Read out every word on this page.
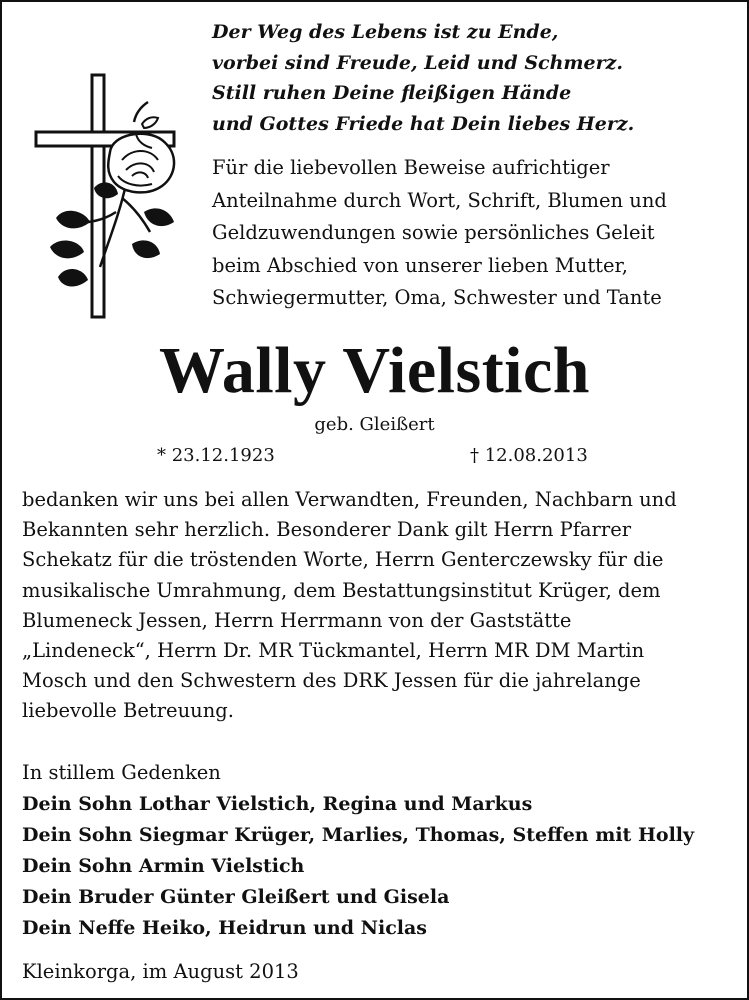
Der Weg des Lebens ist zu Ende,
vorbei sind Freude, Leid und Schmerz.
Still ruhen Deine fleißigen Hände
und Gottes Friede hat Dein liebes Herz.
Für die liebevollen Beweise aufrichtiger
Anteilnahme durch Wort, Schrift, Blumen und
Geldzuwendungen sowie persönliches Geleit
beim Abschied von unserer lieben Mutter,
Schwiegermutter, Oma, Schwester und Tante
Wally Vielstich
geb. Gleißert
* 23.12.1923	† 12.08.2013
bedanken wir uns bei allen Verwandten, Freunden, Nachbarn und
Bekannten sehr herzlich. Besonderer Dank gilt Herrn Pfarrer
Schekatz für die tröstenden Worte, Herrn Genterczewsky für die
musikalische Umrahmung, dem Bestattungsinstitut Krüger, dem
Blumeneck Jessen, Herrn Herrmann von der Gaststätte
„Lindeneck“, Herrn Dr. MR Tückmantel, Herrn MR DM Martin
Mosch und den Schwestern des DRK Jessen für die jahrelange
liebevolle Betreuung.
In stillem Gedenken
Dein Sohn Lothar Vielstich, Regina und Markus
Dein Sohn Siegmar Krüger, Marlies, Thomas, Steffen mit Holly
Dein Sohn Armin Vielstich
Dein Bruder Günter Gleißert und Gisela
Dein Neffe Heiko, Heidrun und Niclas
Kleinkorga, im August 2013
